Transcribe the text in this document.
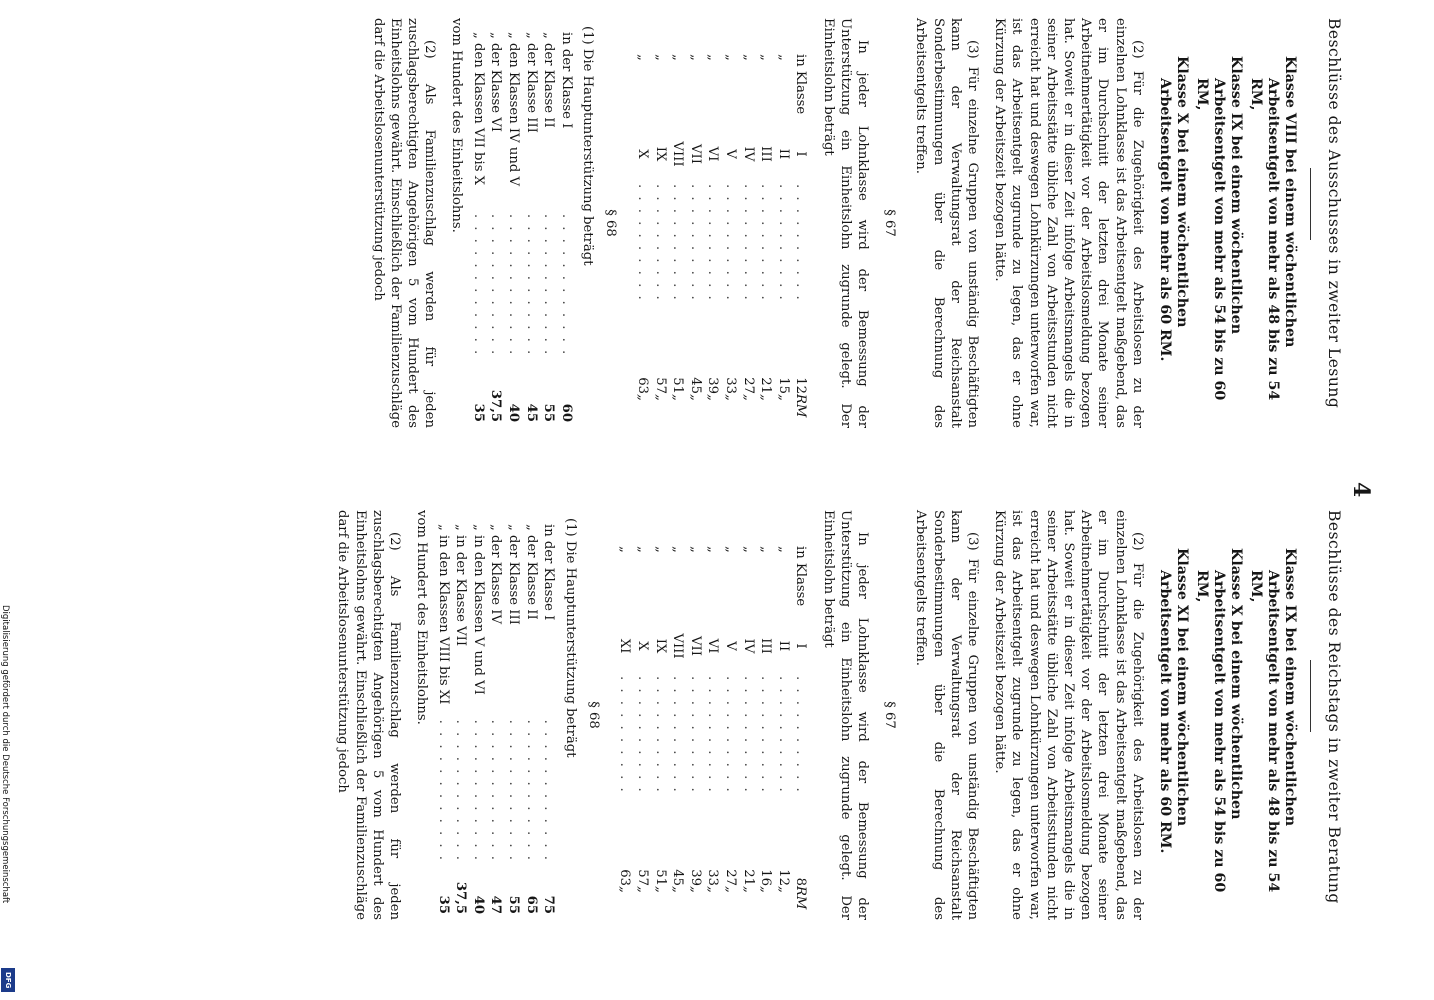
4
Beschlüsse des Ausschusses in zweiter Lesung
Klasse VIII bei einem wöchentlichen Arbeitsentgelt von mehr als 48 bis zu 54 RM,
Klasse IX bei einem wöchentlichen Arbeitsentgelt von mehr als 54 bis zu 60 RM,
Klasse X bei einem wöchentlichen Arbeitsentgelt von mehr als 60 RM.
(2) Für die Zugehörigkeit des Arbeitslosen zu der einzelnen Lohnklasse ist das Arbeitsentgelt maßgebend, das er im Durchschnitt der letzten drei Monate seiner Arbeitnehmertätigkeit vor der Arbeitslosmeldung bezogen hat. Soweit er in dieser Zeit infolge Arbeitsmangels die in seiner Arbeitsstätte übliche Zahl von Arbeitsstunden nicht erreicht hat und deswegen Lohnkürzungen unterworfen war, ist das Arbeitsentgelt zugrunde zu legen, das er ohne Kürzung der Arbeitszeit bezogen hätte.
(3) Für einzelne Gruppen von unständig Beschäftigten kann der Verwaltungsrat der Reichsanstalt Sonderbestimmungen über die Berechnung des Arbeitsentgelts treffen.
§ 67
In jeder Lohnklasse wird der Bemessung der Unterstützung ein Einheitslohn zugrunde gelegt. Der Einheitslohn beträgt
in Klasse	I	. . . . . . . . . .	12	RM
„	II	. . . . . . . . . .	15	„
„	III	. . . . . . . . . .	21	„
„	IV	. . . . . . . . . .	27	„
„	V	. . . . . . . . . .	33	„
„	VI	. . . . . . . . . .	39	„
„	VII	. . . . . . . . . .	45	„
„	VIII	. . . . . . . . . .	51	„
„	IX	. . . . . . . . . .	57	„
„	X	. . . . . . . . . .	63	„
§ 68
(1) Die Hauptunterstützung beträgt
in der Klasse I	. . . . . . . . . . . .	60
„ der Klasse II	. . . . . . . . . . . .	55
„ der Klasse III	. . . . . . . . . . . .	45
„ den Klassen IV und V	. . . . . . . . . . . .	40
„ der Klasse VI	. . . . . . . . . . . .	37,5
„ den Klassen VII bis X	. . . . . . . . . . . .	35
vom Hundert des Einheitslohns.
(2) Als Familienzuschlag werden für jeden zuschlagsberechtigten Angehörigen 5 vom Hundert des Einheitslohns gewährt. Einschließlich der Familienzuschläge darf die Arbeitslosenunterstützung jedoch
Beschlüsse des Reichstags in zweiter Beratung
Klasse IX bei einem wöchentlichen Arbeitsentgelt von mehr als 48 bis zu 54 RM,
Klasse X bei einem wöchentlichen Arbeitsentgelt von mehr als 54 bis zu 60 RM,
Klasse XI bei einem wöchentlichen Arbeitsentgelt von mehr als 60 RM.
(2) Für die Zugehörigkeit des Arbeitslosen zu der einzelnen Lohnklasse ist das Arbeitsentgelt maßgebend, das er im Durchschnitt der letzten drei Monate seiner Arbeitnehmertätigkeit vor der Arbeitslosmeldung bezogen hat. Soweit er in dieser Zeit infolge Arbeitsmangels die in seiner Arbeitsstätte übliche Zahl von Arbeitsstunden nicht erreicht hat und deswegen Lohnkürzungen unterworfen war, ist das Arbeitsentgelt zugrunde zu legen, das er ohne Kürzung der Arbeitszeit bezogen hätte.
(3) Für einzelne Gruppen von unständig Beschäftigten kann der Verwaltungsrat der Reichsanstalt Sonderbestimmungen über die Berechnung des Arbeitsentgelts treffen.
§ 67
In jeder Lohnklasse wird der Bemessung der Unterstützung ein Einheitslohn zugrunde gelegt. Der Einheitslohn beträgt
in Klasse	I	. . . . . . . . . .	8	RM
„	II	. . . . . . . . . .	12	„
„	III	. . . . . . . . . .	16	„
„	IV	. . . . . . . . . .	21	„
„	V	. . . . . . . . . .	27	„
„	VI	. . . . . . . . . .	33	„
„	VII	. . . . . . . . . .	39	„
„	VIII	. . . . . . . . . .	45	„
„	IX	. . . . . . . . . .	51	„
„	X	. . . . . . . . . .	57	„
„	XI	. . . . . . . . . .	63	„
§ 68
(1) Die Hauptunterstützung beträgt
in der Klasse I	. . . . . . . . . . . .	75
„ der Klasse II	. . . . . . . . . . . .	65
„ der Klasse III	. . . . . . . . . . . .	55
„ der Klasse IV	. . . . . . . . . . . .	47
„ in den Klassen V und VI	. . . . . . . . . . . .	40
„ in der Klasse VII	. . . . . . . . . . . .	37,5
„ in den Klassen VIII bis XI	. . . . . . . . . . . .	35
vom Hundert des Einheitslohns.
(2) Als Familienzuschlag werden für jeden zuschlagsberechtigten Angehörigen 5 vom Hundert des Einheitslohns gewährt. Einschließlich der Familienzuschläge darf die Arbeitslosenunterstützung jedoch
Digitalisierung gefördert durch die Deutsche Forschungsgemeinschaft
DFG
